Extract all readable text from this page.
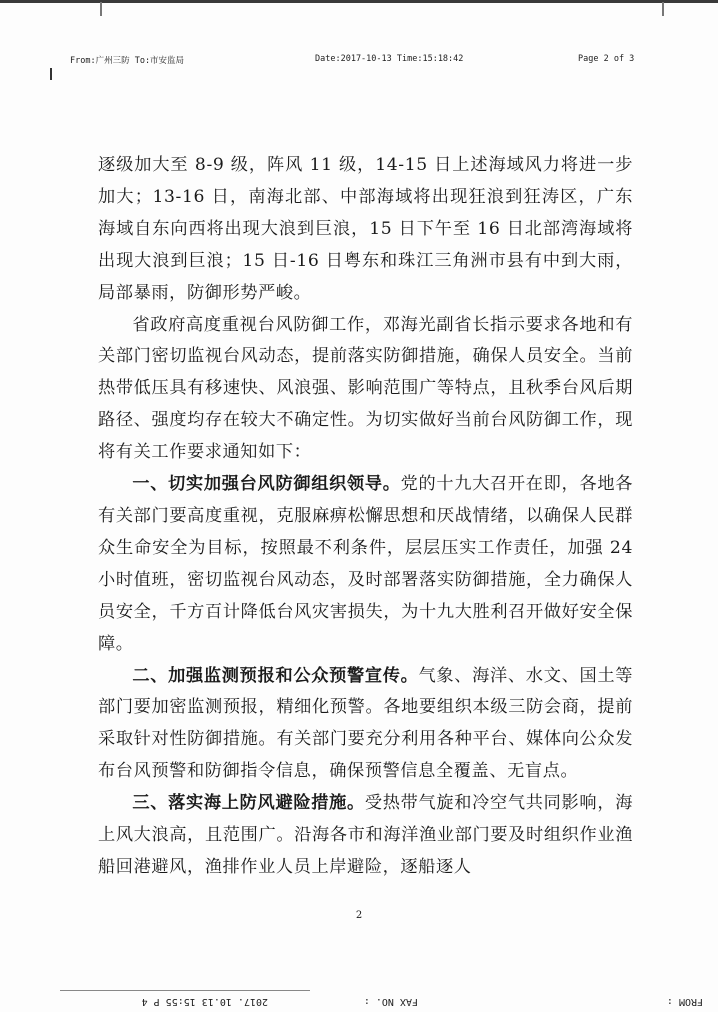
From:广州三防 To:市安监局	Date:2017-10-13 Time:15:18:42	Page 2 of 3

逐级加大至 8-9 级，阵风 11 级，14-15 日上述海域风力将进一步加大；13-16 日，南海北部、中部海域将出现狂浪到狂涛区，广东海域自东向西将出现大浪到巨浪，15 日下午至 16 日北部湾海域将出现大浪到巨浪；15 日-16 日粤东和珠江三角洲市县有中到大雨，局部暴雨，防御形势严峻。

省政府高度重视台风防御工作，邓海光副省长指示要求各地和有关部门密切监视台风动态，提前落实防御措施，确保人员安全。当前热带低压具有移速快、风浪强、影响范围广等特点，且秋季台风后期路径、强度均存在较大不确定性。为切实做好当前台风防御工作，现将有关工作要求通知如下：

一、切实加强台风防御组织领导。党的十九大召开在即，各地各有关部门要高度重视，克服麻痹松懈思想和厌战情绪，以确保人民群众生命安全为目标，按照最不利条件，层层压实工作责任，加强 24 小时值班，密切监视台风动态，及时部署落实防御措施，全力确保人员安全，千方百计降低台风灾害损失，为十九大胜利召开做好安全保障。

二、加强监测预报和公众预警宣传。气象、海洋、水文、国土等部门要加密监测预报，精细化预警。各地要组织本级三防会商，提前采取针对性防御措施。有关部门要充分利用各种平台、媒体向公众发布台风预警和防御指令信息，确保预警信息全覆盖、无盲点。

三、落实海上防风避险措施。受热带气旋和冷空气共同影响，海上风大浪高，且范围广。沿海各市和海洋渔业部门要及时组织作业渔船回港避风，渔排作业人员上岸避险，逐船逐人

2
FROM :
FAX NO. :
2017. 10.13 15:55 P 4
